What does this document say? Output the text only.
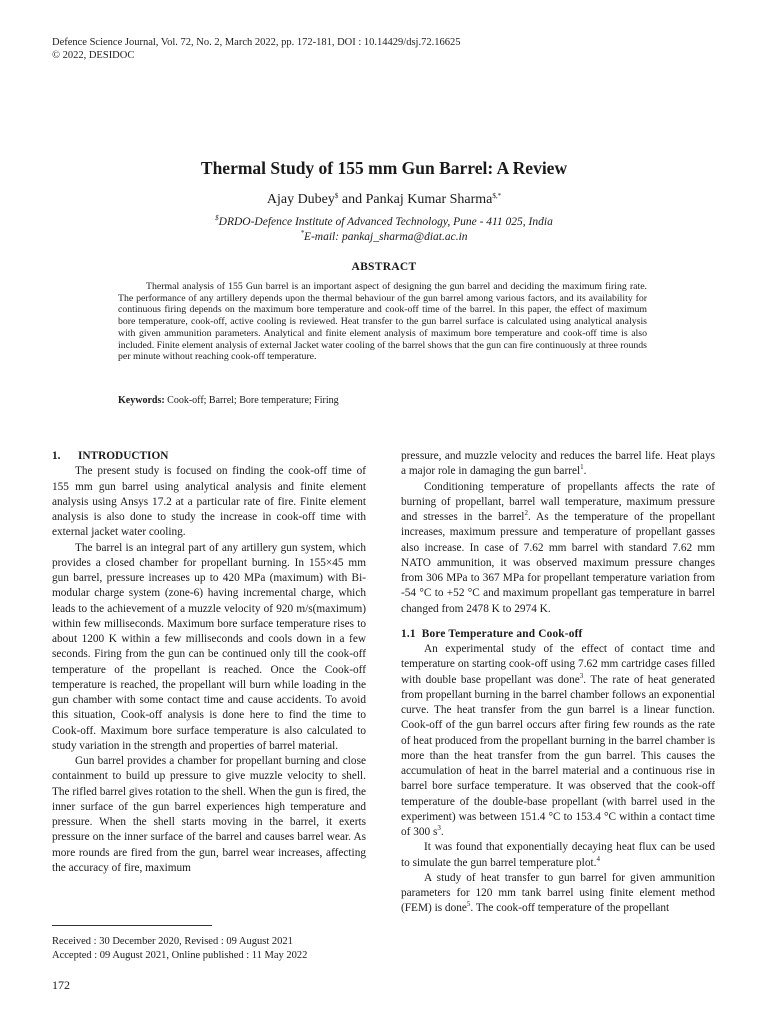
Defence Science Journal, Vol. 72, No. 2, March 2022, pp. 172-181, DOI : 10.14429/dsj.72.16625
© 2022, DESIDOC
Thermal Study of 155 mm Gun Barrel: A Review
Ajay Dubey$ and Pankaj Kumar Sharma$,*
$DRDO-Defence Institute of Advanced Technology, Pune - 411 025, India
*E-mail: pankaj_sharma@diat.ac.in
ABSTRACT

Thermal analysis of 155 Gun barrel is an important aspect of designing the gun barrel and deciding the maximum firing rate. The performance of any artillery depends upon the thermal behaviour of the gun barrel among various factors, and its availability for continuous firing depends on the maximum bore temperature and cook-off time of the barrel. In this paper, the effect of maximum bore temperature, cook-off, active cooling is reviewed. Heat transfer to the gun barrel surface is calculated using analytical analysis with given ammunition parameters. Analytical and finite element analysis of maximum bore temperature and cook-off time is also included. Finite element analysis of external Jacket water cooling of the barrel shows that the gun can fire continuously at three rounds per minute without reaching cook-off temperature.

Keywords: Cook-off; Barrel; Bore temperature; Firing
1. INTRODUCTION

The present study is focused on finding the cook-off time of 155 mm gun barrel using analytical analysis and finite element analysis using Ansys 17.2 at a particular rate of fire. Finite element analysis is also done to study the increase in cook-off time with external jacket water cooling.

The barrel is an integral part of any artillery gun system, which provides a closed chamber for propellant burning. In 155×45 mm gun barrel, pressure increases up to 420 MPa (maximum) with Bi-modular charge system (zone-6) having incremental charge, which leads to the achievement of a muzzle velocity of 920 m/s(maximum) within few milliseconds. Maximum bore surface temperature rises to about 1200 K within a few milliseconds and cools down in a few seconds. Firing from the gun can be continued only till the cook-off temperature of the propellant is reached. Once the Cook-off temperature is reached, the propellant will burn while loading in the gun chamber with some contact time and cause accidents. To avoid this situation, Cook-off analysis is done here to find the time to Cook-off. Maximum bore surface temperature is also calculated to study variation in the strength and properties of barrel material.

Gun barrel provides a chamber for propellant burning and close containment to build up pressure to give muzzle velocity to shell. The rifled barrel gives rotation to the shell. When the gun is fired, the inner surface of the gun barrel experiences high temperature and pressure. When the shell starts moving in the barrel, it exerts pressure on the inner surface of the barrel and causes barrel wear. As more rounds are fired from the gun, barrel wear increases, affecting the accuracy of fire, maximum

pressure, and muzzle velocity and reduces the barrel life. Heat plays a major role in damaging the gun barrel$^1$.

Conditioning temperature of propellants affects the rate of burning of propellant, barrel wall temperature, maximum pressure and stresses in the barrel$^2$. As the temperature of the propellant increases, maximum pressure and temperature of propellant gasses also increase. In case of 7.62 mm barrel with standard 7.62 mm NATO ammunition, it was observed maximum pressure changes from 306 MPa to 367 MPa for propellant temperature variation from -54 °C to +52 °C and maximum propellant gas temperature in barrel changed from 2478 K to 2974 K.

1.1 Bore Temperature and Cook-off

An experimental study of the effect of contact time and temperature on starting cook-off using 7.62 mm cartridge cases filled with double base propellant was done$^3$. The rate of heat generated from propellant burning in the barrel chamber follows an exponential curve. The heat transfer from the gun barrel is a linear function. Cook-off of the gun barrel occurs after firing few rounds as the rate of heat produced from the propellant burning in the barrel chamber is more than the heat transfer from the gun barrel. This causes the accumulation of heat in the barrel material and a continuous rise in barrel bore surface temperature. It was observed that the cook-off temperature of the double-base propellant (with barrel used in the experiment) was between 151.4 °C to 153.4 °C within a contact time of 300 $s^3$.

It was found that exponentially decaying heat flux can be used to simulate the gun barrel temperature plot.$^4$

A study of heat transfer to gun barrel for given ammunition parameters for 120 mm tank barrel using finite element method (FEM) is done$^5$. The cook-off temperature of the propellant

Received : 30 December 2020, Revised : 09 August 2021
Accepted : 09 August 2021, Online published : 11 May 2022
172
